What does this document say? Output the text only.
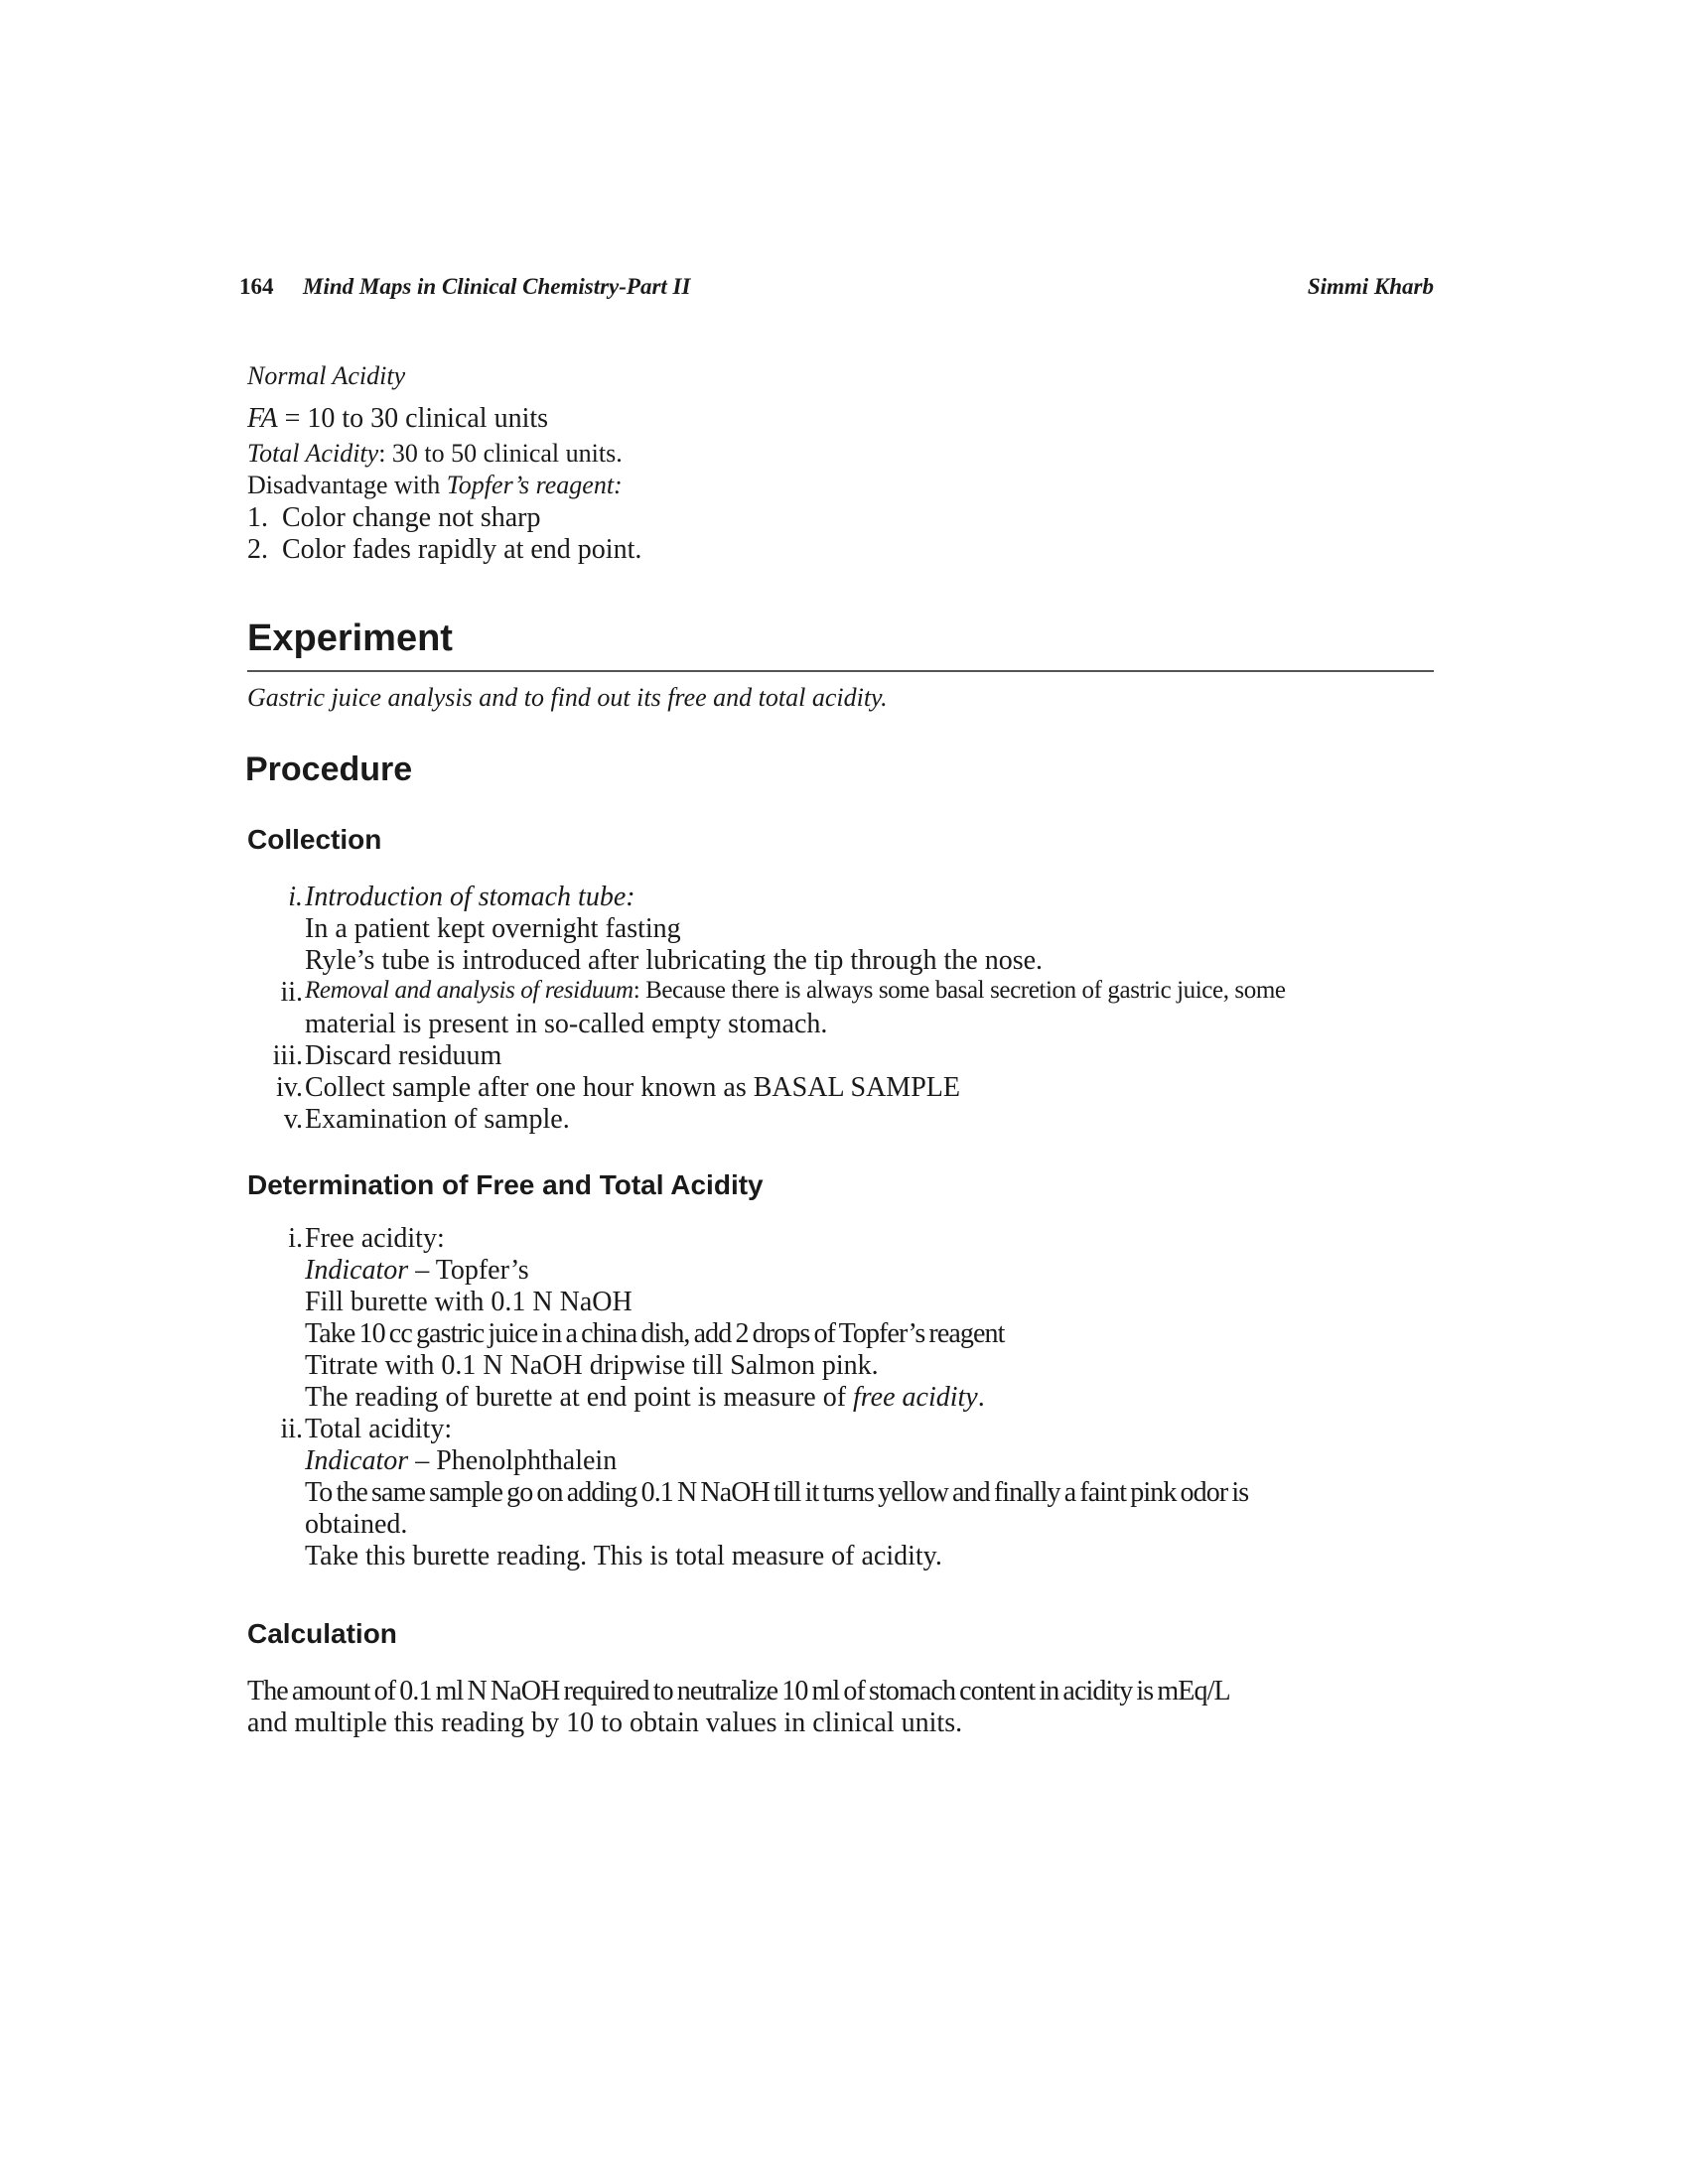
164 Mind Maps in Clinical Chemistry-Part II	Simmi Kharb
Normal Acidity
FA = 10 to 30 clinical units
Total Acidity: 30 to 50 clinical units.
Disadvantage with Topfer’s reagent:
1. Color change not sharp
2. Color fades rapidly at end point.
Experiment
Gastric juice analysis and to find out its free and total acidity.
Procedure
Collection
i. Introduction of stomach tube:
In a patient kept overnight fasting
Ryle’s tube is introduced after lubricating the tip through the nose.
ii. Removal and analysis of residuum: Because there is always some basal secretion of gastric juice, some
material is present in so-called empty stomach.
iii. Discard residuum
iv. Collect sample after one hour known as BASAL SAMPLE
v. Examination of sample.
Determination of Free and Total Acidity
i. Free acidity:
Indicator – Topfer’s
Fill burette with 0.1 N NaOH
Take 10 cc gastric juice in a china dish, add 2 drops of Topfer’s reagent
Titrate with 0.1 N NaOH dripwise till Salmon pink.
The reading of burette at end point is measure of free acidity.
ii. Total acidity:
Indicator – Phenolphthalein
To the same sample go on adding 0.1 N NaOH till it turns yellow and finally a faint pink odor is
obtained.
Take this burette reading. This is total measure of acidity.
Calculation
The amount of 0.1 ml N NaOH required to neutralize 10 ml of stomach content in acidity is mEq/L
and multiple this reading by 10 to obtain values in clinical units.
